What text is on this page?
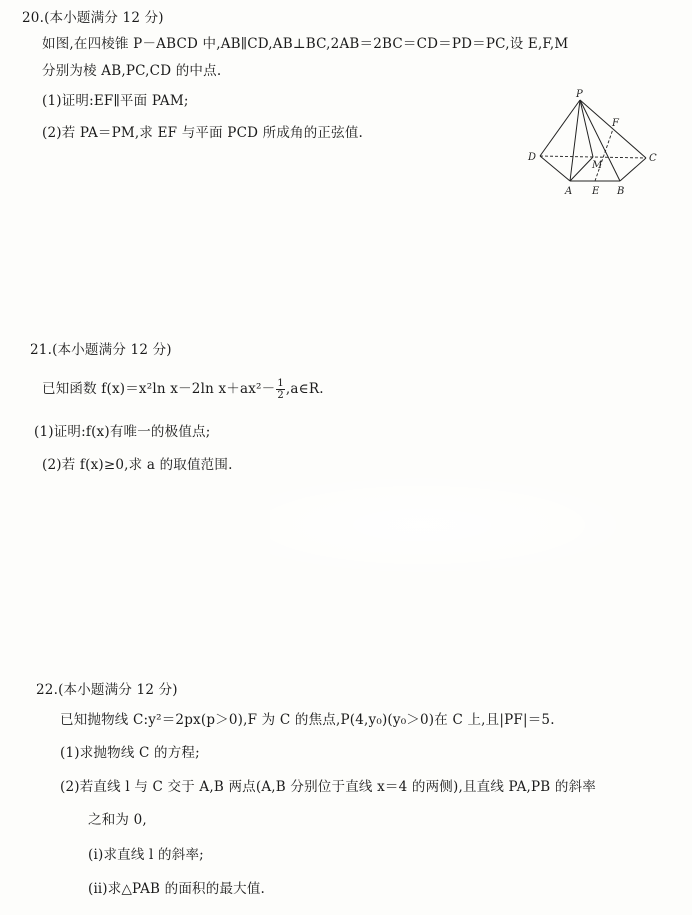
20.(本小题满分 12 分)
如图,在四棱锥 P－ABCD 中,AB∥CD,AB⊥BC,2AB＝2BC＝CD＝PD＝PC,设 E,F,M
分别为棱 AB,PC,CD 的中点.
(1)证明:EF∥平面 PAM;
(2)若 PA＝PM,求 EF 与平面 PCD 所成角的正弦值.
P
F
D
M
C
A E B
21.(本小题满分 12 分)
已知函数 f(x)＝x²ln x－2ln $x+ax^2- \frac{1}{2}$ ,a∈R.
(1)证明:f(x)有唯一的极值点;
(2)若 f(x)≥0,求 a 的取值范围.
22.(本小题满分 12 分)
已知抛物线 C:y²＝2px(p＞0),F 为 C 的焦点,P(4,y₀)(y₀＞0)在 C 上,且|PF|＝5.
(1)求抛物线 C 的方程;
(2)若直线 l 与 C 交于 A,B 两点(A,B 分别位于直线 x＝4 的两侧),且直线 PA,PB 的斜率
之和为 0,
(ⅰ)求直线 l 的斜率;
(ⅱ)求△PAB 的面积的最大值.
